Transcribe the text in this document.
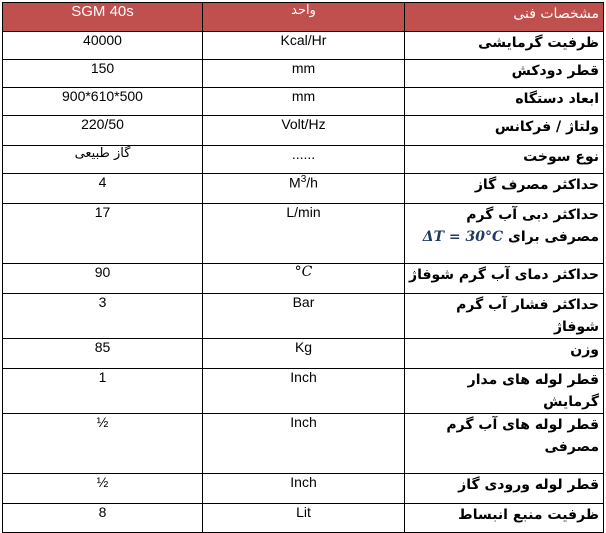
SGM 40s	واحد	مشخصات فنی
40000	Kcal/Hr	ظرفیت گرمایشی
150	mm	قطر دودکش
900*610*500	mm	ابعاد دستگاه
220/50	Volt/Hz	ولتاژ / فرکانس
گاز طبیعی	......	نوع سوخت
4	$M^3/h$	حداکثر مصرف گاز
17	L/min	حداکثر دبی آب گرم مصرفی برای ΔT = 30°C
90	°C	حداکثر دمای آب گرم شوفاژ
3	Bar	حداکثر فشار آب گرم شوفاژ
85	Kg	وزن
1	Inch	قطر لوله های مدار گرمایش
½	Inch	قطر لوله های آب گرم مصرفی
½	Inch	قطر لوله ورودی گاز
8	Lit	ظرفیت منبع انبساط
